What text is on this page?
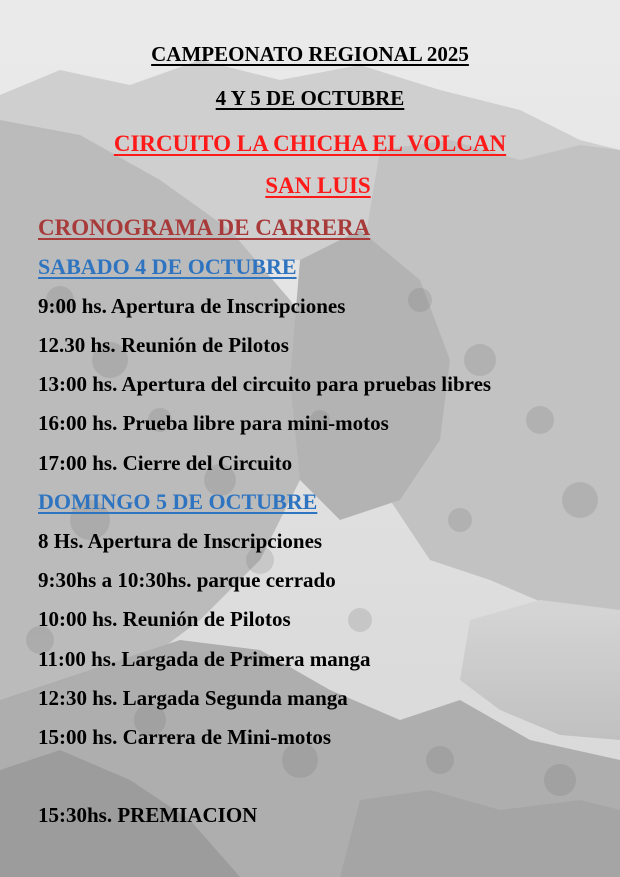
CAMPEONATO REGIONAL 2025
4 Y 5 DE OCTUBRE
CIRCUITO LA CHICHA EL VOLCAN
SAN LUIS
CRONOGRAMA DE CARRERA
SABADO 4 DE OCTUBRE
9:00 hs. Apertura de Inscripciones
12.30 hs. Reunión de Pilotos
13:00 hs. Apertura del circuito para pruebas libres
16:00 hs. Prueba libre para mini-motos
17:00 hs. Cierre del Circuito
DOMINGO 5 DE OCTUBRE
8 Hs. Apertura de Inscripciones
9:30hs a 10:30hs. parque cerrado
10:00 hs. Reunión de Pilotos
11:00 hs. Largada de Primera manga
12:30 hs. Largada Segunda manga
15:00 hs. Carrera de Mini-motos
15:30hs. PREMIACION
